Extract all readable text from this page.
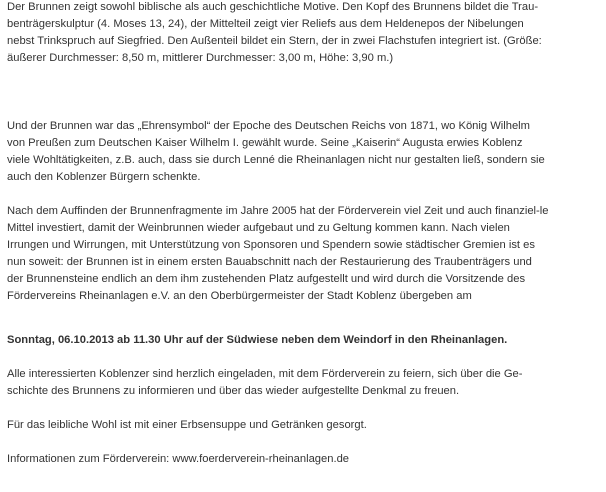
Der Brunnen zeigt sowohl biblische als auch geschichtliche Motive. Den Kopf des Brunnens bildet die Trau-
benträgerskulptur (4. Moses 13, 24), der Mittelteil zeigt vier Reliefs aus dem Heldenepos der Nibelungen
nebst Trinkspruch auf Siegfried. Den Außenteil bildet ein Stern, der in zwei Flachstufen integriert ist. (Größe:
äußerer Durchmesser: 8,50 m, mittlerer Durchmesser: 3,00 m, Höhe: 3,90 m.)
Und der Brunnen war das „Ehrensymbol“ der Epoche des Deutschen Reichs von 1871, wo König Wilhelm
von Preußen zum Deutschen Kaiser Wilhelm I. gewählt wurde. Seine „Kaiserin“ Augusta erwies Koblenz
viele Wohltätigkeiten, z.B. auch, dass sie durch Lenné die Rheinanlagen nicht nur gestalten ließ, sondern sie
auch den Koblenzer Bürgern schenkte.
Nach dem Auffinden der Brunnenfragmente im Jahre 2005 hat der Förderverein viel Zeit und auch finanziel-le
Mittel investiert, damit der Weinbrunnen wieder aufgebaut und zu Geltung kommen kann. Nach vielen
Irrungen und Wirrungen, mit Unterstützung von Sponsoren und Spendern sowie städtischer Gremien ist es
nun soweit: der Brunnen ist in einem ersten Bauabschnitt nach der Restaurierung des Traubenträgers und
der Brunnensteine endlich an dem ihm zustehenden Platz aufgestellt und wird durch die Vorsitzende des
Fördervereins Rheinanlagen e.V. an den Oberbürgermeister der Stadt Koblenz übergeben am
Sonntag, 06.10.2013 ab 11.30 Uhr auf der Südwiese neben dem Weindorf in den Rheinanlagen.
Alle interessierten Koblenzer sind herzlich eingeladen, mit dem Förderverein zu feiern, sich über die Ge-
schichte des Brunnens zu informieren und über das wieder aufgestellte Denkmal zu freuen.
Für das leibliche Wohl ist mit einer Erbsensuppe und Getränken gesorgt.
Informationen zum Förderverein: www.foerderverein-rheinanlagen.de
